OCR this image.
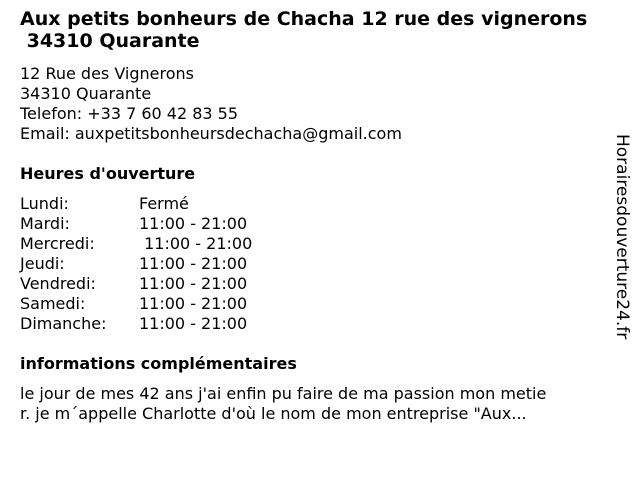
Aux petits bonheurs de Chacha 12 rue des vignerons
34310 Quarante
12 Rue des Vignerons
34310 Quarante
Telefon: +33 7 60 42 83 55
Email: auxpetitsbonheursdechacha@gmail.com
Heures d'ouverture
Lundi:	Fermé
Mardi:	11:00 - 21:00
Mercredi:	11:00 - 21:00
Jeudi:	11:00 - 21:00
Vendredi:	11:00 - 21:00
Samedi:	11:00 - 21:00
Dimanche:	11:00 - 21:00
informations complémentaires
le jour de mes 42 ans j'ai enfin pu faire de ma passion mon metie
r. je m´appelle Charlotte d'où le nom de mon entreprise "Aux...
Horairesdouverture24.fr
